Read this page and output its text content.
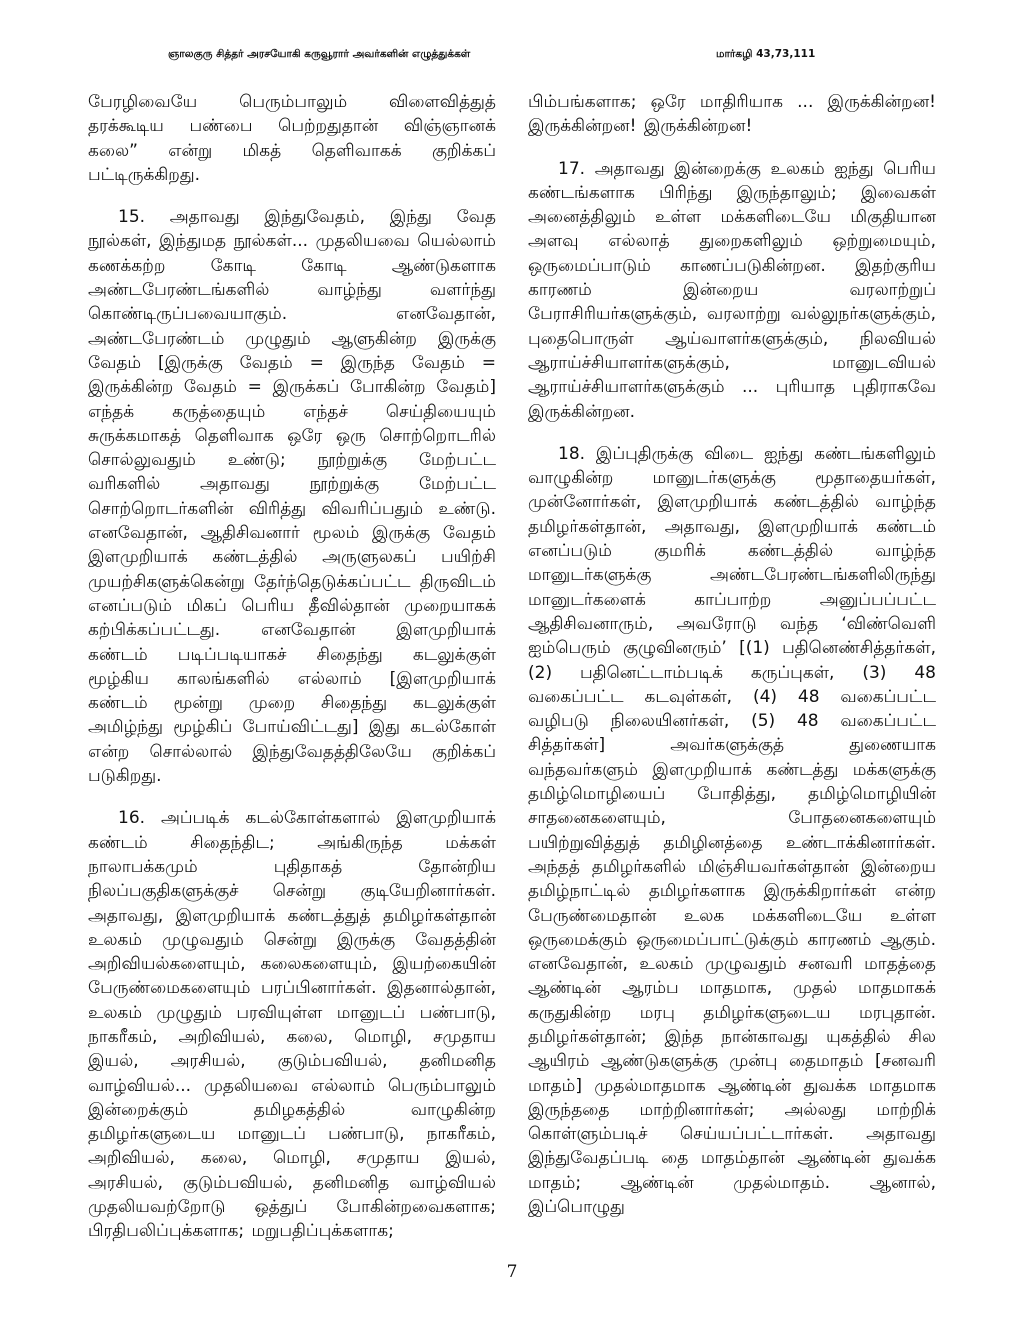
ஞாலகுரு சித்தர் அரசயோகி கருவூரார் அவர்களின் எழுத்துக்கள்	மார்கழி 43,73,111

பேரழிவையே பெரும்பாலும் விளைவித்துத் தரக்கூடிய பண்பை பெற்றதுதான் விஞ்ஞானக் கலை” என்று மிகத் தெளிவாகக் குறிக்கப் பட்டிருக்கிறது.

15. அதாவது இந்துவேதம், இந்து வேத நூல்கள், இந்துமத நூல்கள்... முதலியவை யெல்லாம் கணக்கற்ற கோடி கோடி ஆண்டுகளாக அண்டபேரண்டங்களில் வாழ்ந்து வளர்ந்து கொண்டிருப்பவையாகும். எனவேதான், அண்டபேரண்டம் முழுதும் ஆளுகின்ற இருக்கு வேதம் [இருக்கு வேதம் = இருந்த வேதம் = இருக்கின்ற வேதம் = இருக்கப் போகின்ற வேதம்] எந்தக் கருத்தையும் எந்தச் செய்தியையும் சுருக்கமாகத் தெளிவாக ஒரே ஒரு சொற்றொடரில் சொல்லுவதும் உண்டு; நூற்றுக்கு மேற்பட்ட வரிகளில் அதாவது நூற்றுக்கு மேற்பட்ட சொற்றொடர்களின் விரித்து விவரிப்பதும் உண்டு. எனவேதான், ஆதிசிவனார் மூலம் இருக்கு வேதம் இளமுறியாக் கண்டத்தில் அருளுலகப் பயிற்சி முயற்சிகளுக்கென்று தேர்ந்தெடுக்கப்பட்ட திருவிடம் எனப்படும் மிகப் பெரிய தீவில்தான் முறையாகக் கற்பிக்கப்பட்டது. எனவேதான் இளமுறியாக் கண்டம் படிப்படியாகச் சிதைந்து கடலுக்குள் மூழ்கிய காலங்களில் எல்லாம் [இளமுறியாக் கண்டம் மூன்று முறை சிதைந்து கடலுக்குள் அமிழ்ந்து மூழ்கிப் போய்விட்டது] இது கடல்கோள் என்ற சொல்லால் இந்துவேதத்திலேயே குறிக்கப் படுகிறது.

16. அப்படிக் கடல்கோள்களால் இளமுறியாக் கண்டம் சிதைந்திட; அங்கிருந்த மக்கள் நாலாபக்கமும் புதிதாகத் தோன்றிய நிலப்பகுதிகளுக்குச் சென்று குடியேறினார்கள். அதாவது, இளமுறியாக் கண்டத்துத் தமிழர்கள்தான் உலகம் முழுவதும் சென்று இருக்கு வேதத்தின் அறிவியல்களையும், கலைகளையும், இயற்கையின் பேருண்மைகளையும் பரப்பினார்கள். இதனால்தான், உலகம் முழுதும் பரவியுள்ள மானுடப் பண்பாடு, நாகரீகம், அறிவியல், கலை, மொழி, சமுதாய இயல், அரசியல், குடும்பவியல், தனிமனித வாழ்வியல்... முதலியவை எல்லாம் பெரும்பாலும் இன்றைக்கும் தமிழகத்தில் வாழுகின்ற தமிழர்களுடைய மானுடப் பண்பாடு, நாகரீகம், அறிவியல், கலை, மொழி, சமுதாய இயல், அரசியல், குடும்பவியல், தனிமனித வாழ்வியல் முதலியவற்றோடு ஒத்துப் போகின்றவைகளாக; பிரதிபலிப்புக்களாக; மறுபதிப்புக்களாக;

பிம்பங்களாக; ஒரே மாதிரியாக ... இருக்கின்றன! இருக்கின்றன! இருக்கின்றன!

17. அதாவது இன்றைக்கு உலகம் ஐந்து பெரிய கண்டங்களாக பிரிந்து இருந்தாலும்; இவைகள் அனைத்திலும் உள்ள மக்களிடையே மிகுதியான அளவு எல்லாத் துறைகளிலும் ஒற்றுமையும், ஒருமைப்பாடும் காணப்படுகின்றன. இதற்குரிய காரணம் இன்றைய வரலாற்றுப் பேராசிரியர்களுக்கும், வரலாற்று வல்லுநர்களுக்கும், புதைபொருள் ஆய்வாளர்களுக்கும், நிலவியல் ஆராய்ச்சியாளர்களுக்கும், மானுடவியல் ஆராய்ச்சியாளர்களுக்கும் ... புரியாத புதிராகவே இருக்கின்றன.

18. இப்புதிருக்கு விடை ஐந்து கண்டங்களிலும் வாழுகின்ற மானுடர்களுக்கு மூதாதையர்கள், முன்னோர்கள், இளமுறியாக் கண்டத்தில் வாழ்ந்த தமிழர்கள்தான், அதாவது, இளமுறியாக் கண்டம் எனப்படும் குமரிக் கண்டத்தில் வாழ்ந்த மானுடர்களுக்கு அண்டபேரண்டங்களிலிருந்து மானுடர்களைக் காப்பாற்ற அனுப்பப்பட்ட ஆதிசிவனாரும், அவரோடு வந்த ‘விண்வெளி ஐம்பெரும் குழுவினரும்’ [(1) பதினெண்சித்தர்கள், (2) பதினெட்டாம்படிக் கருப்புகள், (3) 48 வகைப்பட்ட கடவுள்கள், (4) 48 வகைப்பட்ட வழிபடு நிலையினர்கள், (5) 48 வகைப்பட்ட சித்தர்கள்] அவர்களுக்குத் துணையாக வந்தவர்களும் இளமுறியாக் கண்டத்து மக்களுக்கு தமிழ்மொழியைப் போதித்து, தமிழ்மொழியின் சாதனைகளையும், போதனைகளையும் பயிற்றுவித்துத் தமிழினத்தை உண்டாக்கினார்கள். அந்தத் தமிழர்களில் மிஞ்சியவர்கள்தான் இன்றைய தமிழ்நாட்டில் தமிழர்களாக இருக்கிறார்கள் என்ற பேருண்மைதான் உலக மக்களிடையே உள்ள ஒருமைக்கும் ஒருமைப்பாட்டுக்கும் காரணம் ஆகும். எனவேதான், உலகம் முழுவதும் சனவரி மாதத்தை ஆண்டின் ஆரம்ப மாதமாக, முதல் மாதமாகக் கருதுகின்ற மரபு தமிழர்களுடைய மரபுதான். தமிழர்கள்தான்; இந்த நான்காவது யுகத்தில் சில ஆயிரம் ஆண்டுகளுக்கு முன்பு தைமாதம் [சனவரி மாதம்] முதல்மாதமாக ஆண்டின் துவக்க மாதமாக இருந்ததை மாற்றினார்கள்; அல்லது மாற்றிக் கொள்ளும்படிச் செய்யப்பட்டார்கள். அதாவது இந்துவேதப்படி தை மாதம்தான் ஆண்டின் துவக்க மாதம்; ஆண்டின் முதல்மாதம். ஆனால், இப்பொழுது

7
